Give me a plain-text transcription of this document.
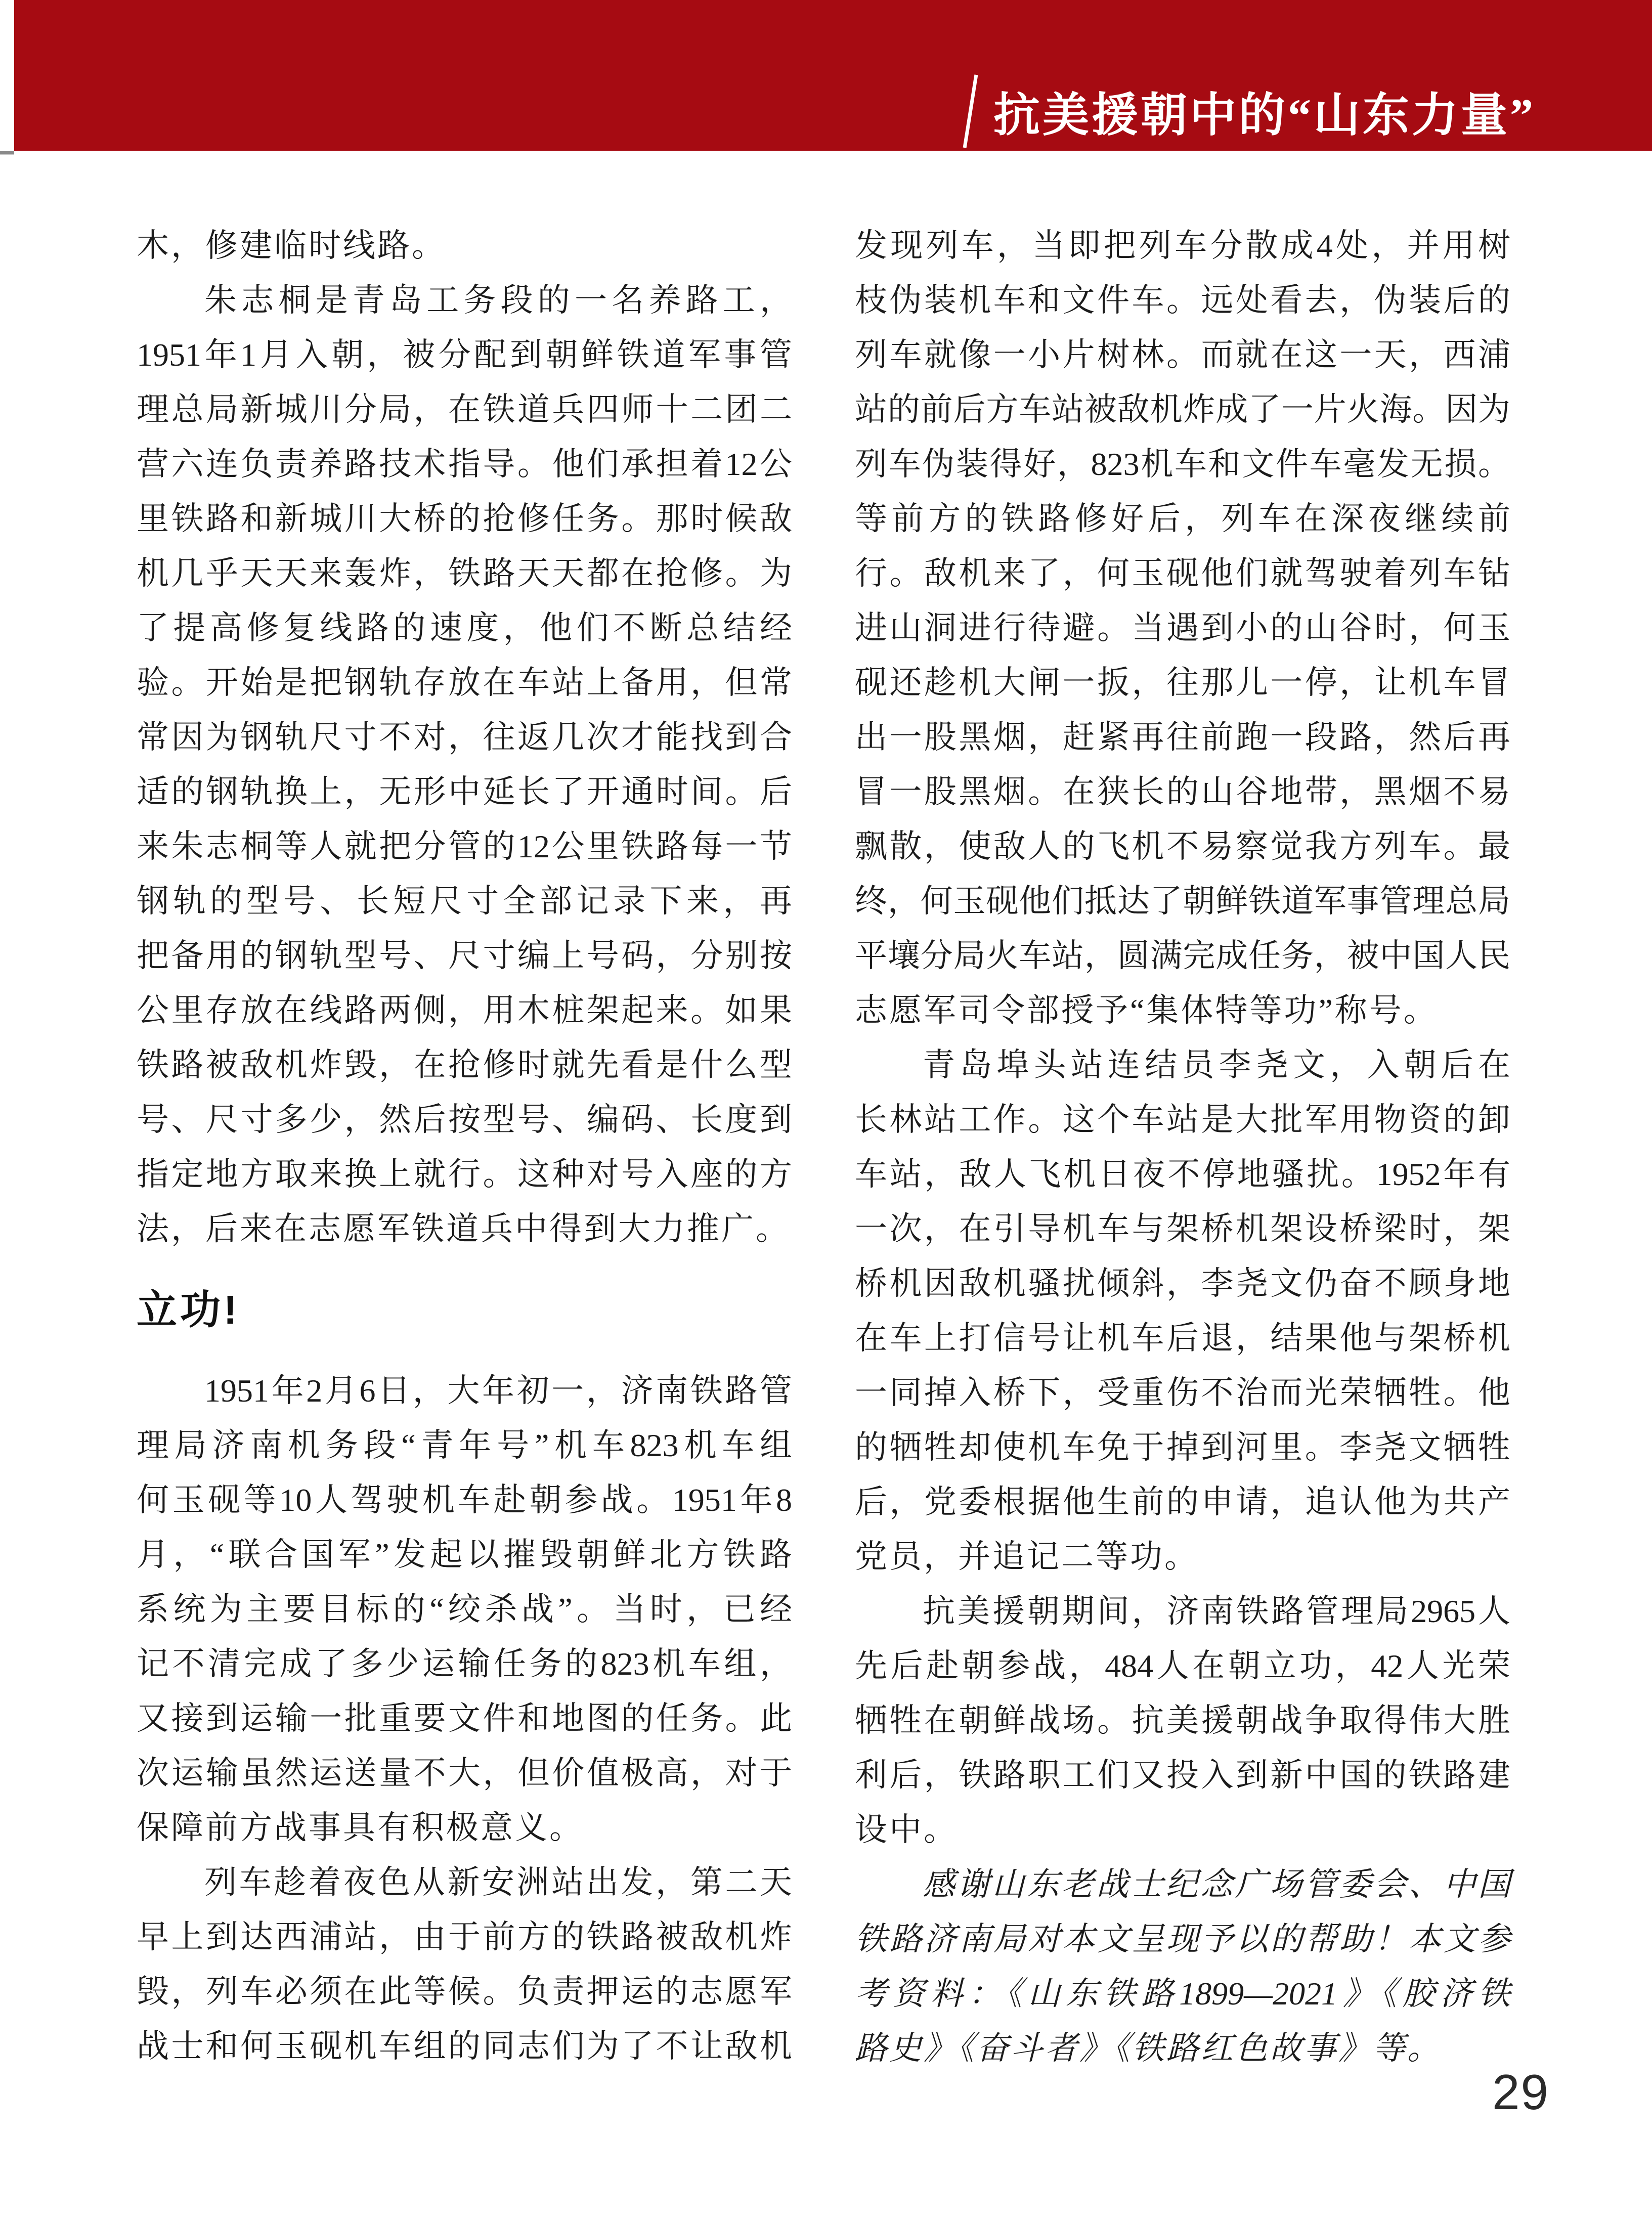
抗美援朝中的“山东力量”
木，修建临时线路。
朱志桐是青岛工务段的一名养路工，
1951年1月入朝，被分配到朝鲜铁道军事管
理总局新城川分局，在铁道兵四师十二团二
营六连负责养路技术指导。他们承担着12公
里铁路和新城川大桥的抢修任务。那时候敌
机几乎天天来轰炸，铁路天天都在抢修。为
了提高修复线路的速度，他们不断总结经
验。开始是把钢轨存放在车站上备用，但常
常因为钢轨尺寸不对，往返几次才能找到合
适的钢轨换上，无形中延长了开通时间。后
来朱志桐等人就把分管的12公里铁路每一节
钢轨的型号、长短尺寸全部记录下来，再
把备用的钢轨型号、尺寸编上号码，分别按
公里存放在线路两侧，用木桩架起来。如果
铁路被敌机炸毁，在抢修时就先看是什么型
号、尺寸多少，然后按型号、编码、长度到
指定地方取来换上就行。这种对号入座的方
法，后来在志愿军铁道兵中得到大力推广。
立功!
1951年2月6日，大年初一，济南铁路管
理局济南机务段“青年号”机车823机车组
何玉砚等10人驾驶机车赴朝参战。1951年8
月，“联合国军”发起以摧毁朝鲜北方铁路
系统为主要目标的“绞杀战”。当时，已经
记不清完成了多少运输任务的823机车组，
又接到运输一批重要文件和地图的任务。此
次运输虽然运送量不大，但价值极高，对于
保障前方战事具有积极意义。
列车趁着夜色从新安洲站出发，第二天
早上到达西浦站，由于前方的铁路被敌机炸
毁，列车必须在此等候。负责押运的志愿军
战士和何玉砚机车组的同志们为了不让敌机
发现列车，当即把列车分散成4处，并用树
枝伪装机车和文件车。远处看去，伪装后的
列车就像一小片树林。而就在这一天，西浦
站的前后方车站被敌机炸成了一片火海。因为
列车伪装得好，823机车和文件车毫发无损。
等前方的铁路修好后，列车在深夜继续前
行。敌机来了，何玉砚他们就驾驶着列车钻
进山洞进行待避。当遇到小的山谷时，何玉
砚还趁机大闸一扳，往那儿一停，让机车冒
出一股黑烟，赶紧再往前跑一段路，然后再
冒一股黑烟。在狭长的山谷地带，黑烟不易
飘散，使敌人的飞机不易察觉我方列车。最
终，何玉砚他们抵达了朝鲜铁道军事管理总局
平壤分局火车站，圆满完成任务，被中国人民
志愿军司令部授予“集体特等功”称号。
青岛埠头站连结员李尧文，入朝后在
长林站工作。这个车站是大批军用物资的卸
车站，敌人飞机日夜不停地骚扰。1952年有
一次，在引导机车与架桥机架设桥梁时，架
桥机因敌机骚扰倾斜，李尧文仍奋不顾身地
在车上打信号让机车后退，结果他与架桥机
一同掉入桥下，受重伤不治而光荣牺牲。他
的牺牲却使机车免于掉到河里。李尧文牺牲
后，党委根据他生前的申请，追认他为共产
党员，并追记二等功。
抗美援朝期间，济南铁路管理局2965人
先后赴朝参战，484人在朝立功，42人光荣
牺牲在朝鲜战场。抗美援朝战争取得伟大胜
利后，铁路职工们又投入到新中国的铁路建
设中。
感谢山东老战士纪念广场管委会、中国
铁路济南局对本文呈现予以的帮助！本文参
考资料：《山东铁路1899—2021》《胶济铁
路史》《奋斗者》《铁路红色故事》等。
29
